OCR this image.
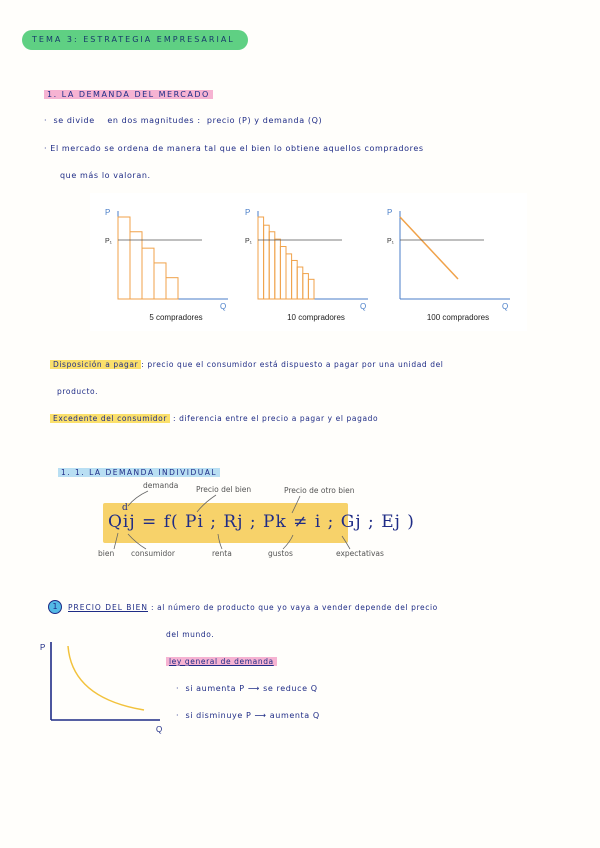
TEMA 3: ESTRATEGIA EMPRESARIAL
1. LA DEMANDA DEL MERCADO
·  se divide en dos magnitudes : precio (P) y demanda (Q)
· El mercado se ordena de manera tal que el bien lo obtiene aquellos compradores
que más lo valoran.
P
Q
P₁
5 compradores
P
Q
P₁
10 compradores
P
Q
P₁
100 compradores
Disposición a pagar : precio que el consumidor está dispuesto a pagar por una unidad del
producto.
Excedente del consumidor : diferencia entre el precio a pagar y el pagado
1. 1. LA DEMANDA INDIVIDUAL
demanda Precio del bien	Precio de otro bien
Qij = f( Pi ; Rj ; Pk ≠ i ; Gj ; Ej )
d
bien consumidor	renta	gustos	expectativas
1	PRECIO DEL BIEN : al número de producto que yo vaya a vender depende del precio
del mundo.
ley general de demanda
·  si aumenta P ⟶ se reduce Q
·  si disminuye P ⟶ aumenta Q
P
Q
